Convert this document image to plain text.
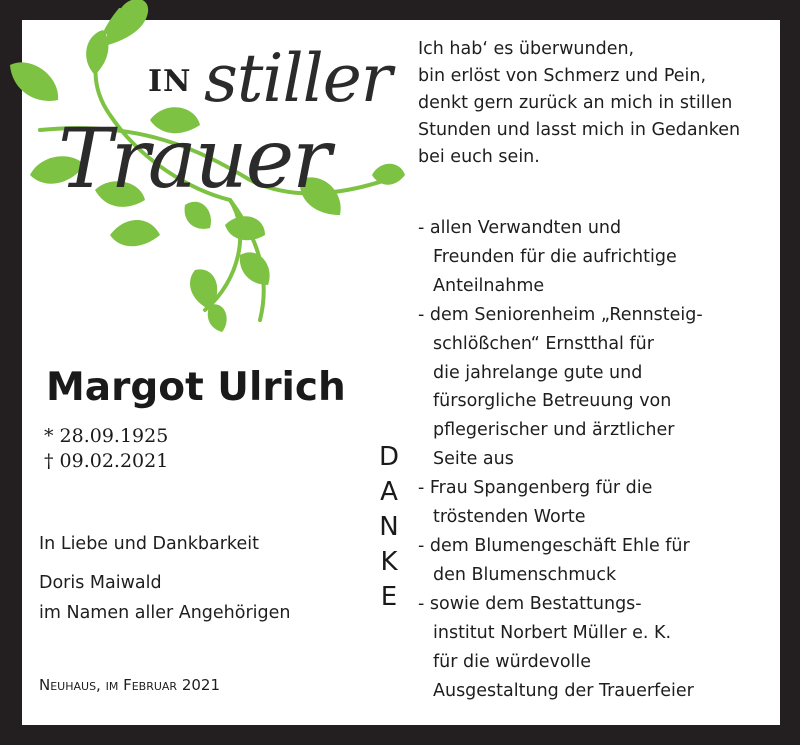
IN stiller
Trauer
Ich hab‘ es überwunden,
bin erlöst von Schmerz und Pein,
denkt gern zurück an mich in stillen
Stunden und lasst mich in Gedanken
bei euch sein.
Margot Ulrich
* 28.09.1925
† 09.02.2021
In Liebe und Dankbarkeit
Doris Maiwald
im Namen aller Angehörigen
Neuhaus, im Februar 2021
D
A
N
K
E
- allen Verwandten und
Freunden für die aufrichtige
Anteilnahme
- dem Seniorenheim „Rennsteig-
schlößchen“ Ernstthal für
die jahrelange gute und
fürsorgliche Betreuung von
pflegerischer und ärztlicher
Seite aus
- Frau Spangenberg für die
tröstenden Worte
- dem Blumengeschäft Ehle für
den Blumenschmuck
- sowie dem Bestattungs-
institut Norbert Müller e. K.
für die würdevolle
Ausgestaltung der Trauerfeier
